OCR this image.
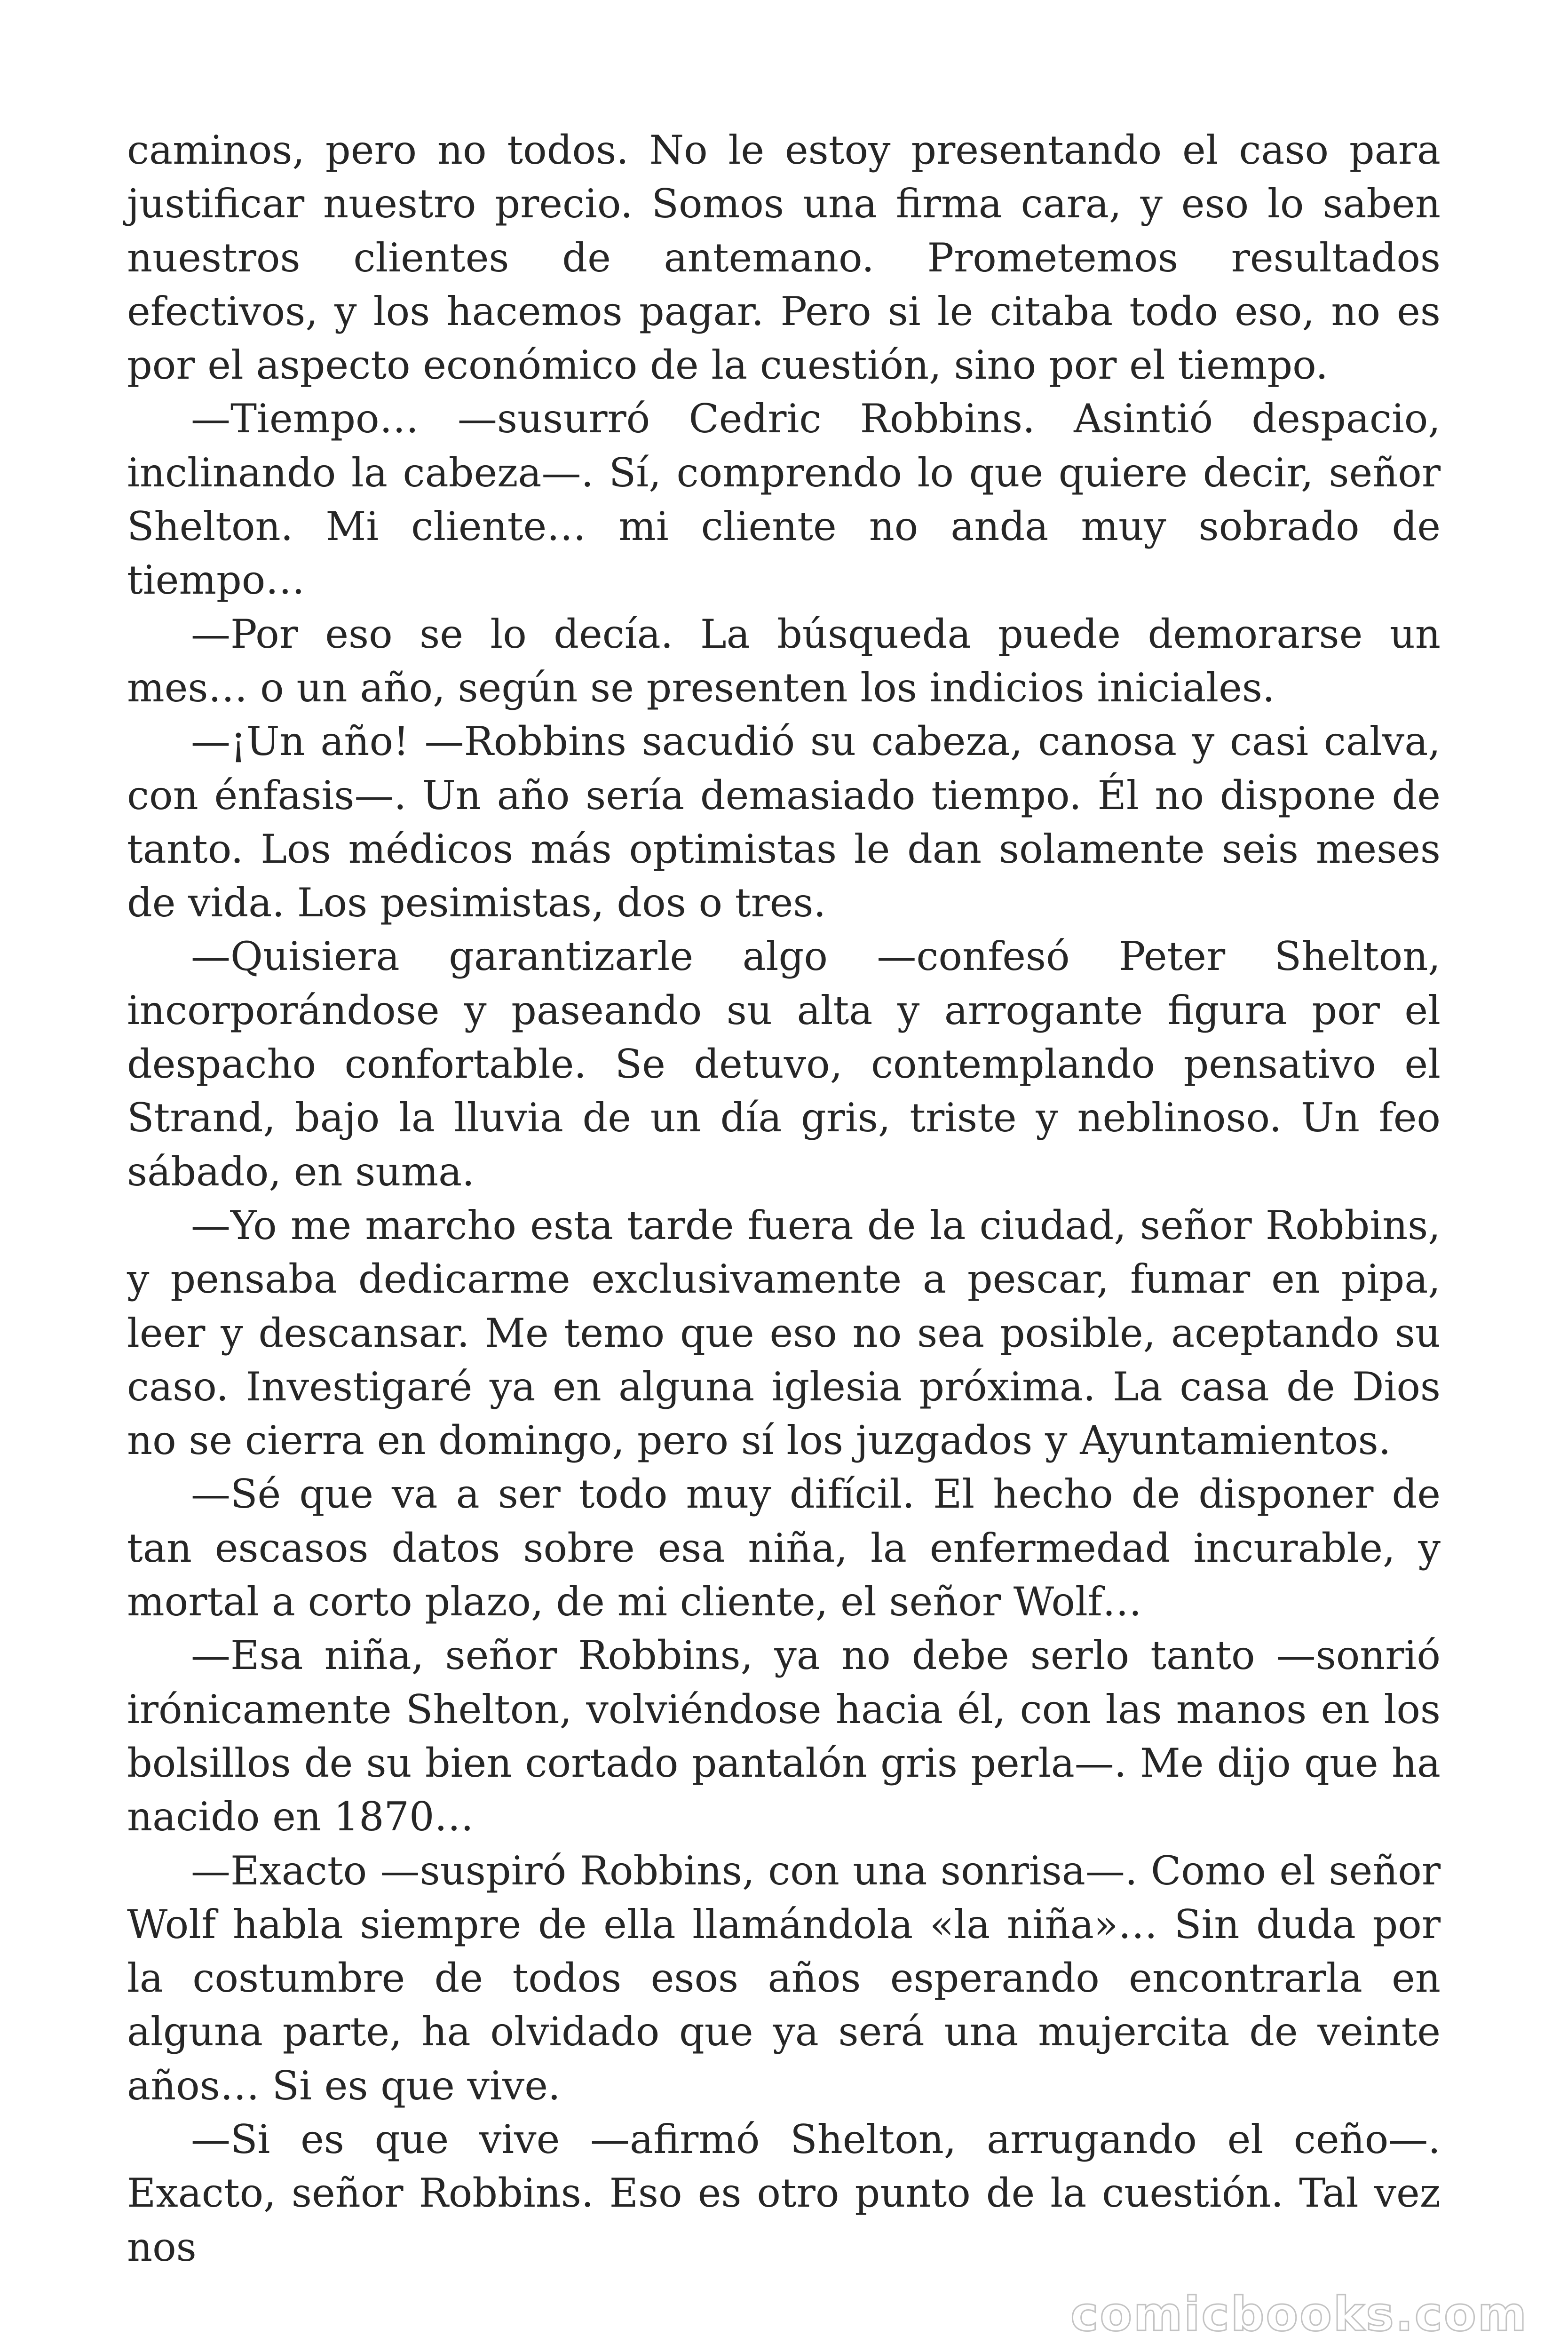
caminos, pero no todos. No le estoy presentando el caso para justificar nuestro precio. Somos una firma cara, y eso lo saben nuestros clientes de antemano. Prometemos resultados efectivos, y los hacemos pagar. Pero si le citaba todo eso, no es por el aspecto económico de la cuestión, sino por el tiempo.

—Tiempo… —susurró Cedric Robbins. Asintió despacio, inclinando la cabeza—. Sí, comprendo lo que quiere decir, señor Shelton. Mi cliente… mi cliente no anda muy sobrado de tiempo…

—Por eso se lo decía. La búsqueda puede demorarse un mes… o un año, según se presenten los indicios iniciales.

—¡Un año! —Robbins sacudió su cabeza, canosa y casi calva, con énfasis—. Un año sería demasiado tiempo. Él no dispone de tanto. Los médicos más optimistas le dan solamente seis meses de vida. Los pesimistas, dos o tres.

—Quisiera garantizarle algo —confesó Peter Shelton, incorporándose y paseando su alta y arrogante figura por el despacho confortable. Se detuvo, contemplando pensativo el Strand, bajo la lluvia de un día gris, triste y neblinoso. Un feo sábado, en suma.

—Yo me marcho esta tarde fuera de la ciudad, señor Robbins, y pensaba dedicarme exclusivamente a pescar, fumar en pipa, leer y descansar. Me temo que eso no sea posible, aceptando su caso. Investigaré ya en alguna iglesia próxima. La casa de Dios no se cierra en domingo, pero sí los juzgados y Ayuntamientos.

—Sé que va a ser todo muy difícil. El hecho de disponer de tan escasos datos sobre esa niña, la enfermedad incurable, y mortal a corto plazo, de mi cliente, el señor Wolf…

—Esa niña, señor Robbins, ya no debe serlo tanto —sonrió irónicamente Shelton, volviéndose hacia él, con las manos en los bolsillos de su bien cortado pantalón gris perla—. Me dijo que ha nacido en 1870…

—Exacto —suspiró Robbins, con una sonrisa—. Como el señor Wolf habla siempre de ella llamándola «la niña»… Sin duda por la costumbre de todos esos años esperando encontrarla en alguna parte, ha olvidado que ya será una mujercita de veinte años… Si es que vive.

—Si es que vive —afirmó Shelton, arrugando el ceño—. Exacto, señor Robbins. Eso es otro punto de la cuestión. Tal vez nos

comicbooks.com
